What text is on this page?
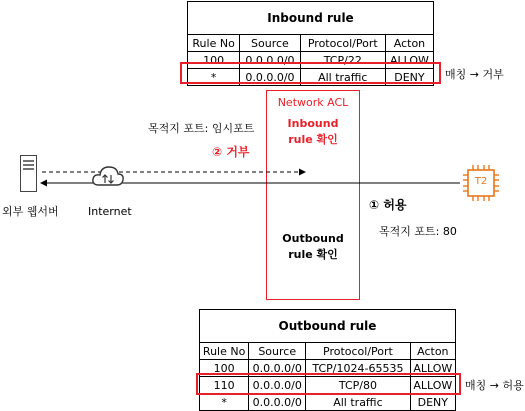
Inbound rule			
Rule No	Source	Protocol/Port	Acton
100	0.0.0.0/0	TCP/22	ALLOW
*	0.0.0.0/0	All traffic	DENY 매칭 → 거부
Network ACL
Inbound
rule 확인
Outbound
rule 확인
목적지 포트: 임시포트
② 거부
① 허용
목적지 포트: 80
외부 웹서버	Internet
T2
Outbound rule			
Rule No	Source	Protocol/Port	Acton
100	0.0.0.0/0	TCP/1024-65535	ALLOW
110	0.0.0.0/0	TCP/80	ALLOW
*	0.0.0.0/0	All traffic	DENY
매칭 → 허용
